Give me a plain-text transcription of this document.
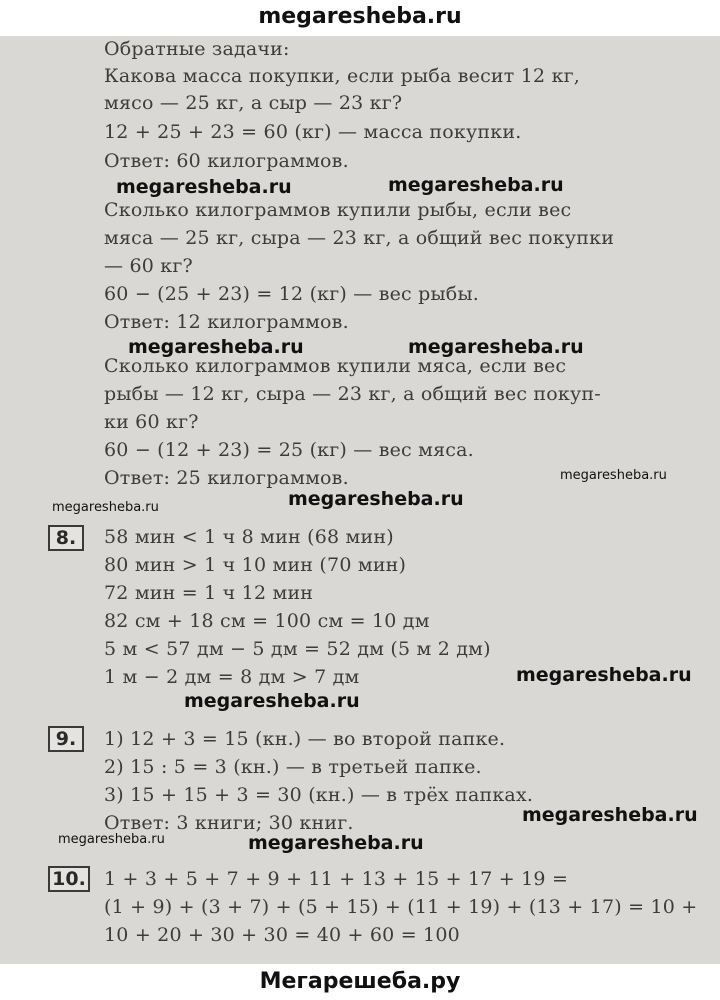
megaresheba.ru
Обратные задачи:
Какова масса покупки, если рыба весит 12 кг,
мясо — 25 кг, а сыр — 23 кг?
12 + 25 + 23 = 60 (кг) — масса покупки.
Ответ: 60 килограммов.
Сколько килограммов купили рыбы, если вес
мяса — 25 кг, сыра — 23 кг, а общий вес покупки
— 60 кг?
60 − (25 + 23) = 12 (кг) — вес рыбы.
Ответ: 12 килограммов.
Сколько килограммов купили мяса, если вес
рыбы — 12 кг, сыра — 23 кг, а общий вес покуп-
ки 60 кг?
60 − (12 + 23) = 25 (кг) — вес мяса.
Ответ: 25 килограммов.
8.	58 мин < 1 ч 8 мин (68 мин)
80 мин > 1 ч 10 мин (70 мин)
72 мин = 1 ч 12 мин
82 см + 18 см = 100 см = 10 дм
5 м < 57 дм − 5 дм = 52 дм (5 м 2 дм)
1 м − 2 дм = 8 дм > 7 дм
9.	1) 12 + 3 = 15 (кн.) — во второй папке.
2) 15 : 5 = 3 (кн.) — в третьей папке.
3) 15 + 15 + 3 = 30 (кн.) — в трёх папках.
Ответ: 3 книги; 30 книг.
10. 1 + 3 + 5 + 7 + 9 + 11 + 13 + 15 + 17 + 19 =
(1 + 9) + (3 + 7) + (5 + 15) + (11 + 19) + (13 + 17) = 10 +
10 + 20 + 30 + 30 = 40 + 60 = 100
megaresheba.ru	megaresheba.ru
megaresheba.ru	megaresheba.ru
megaresheba.ru
megaresheba.ru	megaresheba.ru
megaresheba.ru
megaresheba.ru
megaresheba.ru
megaresheba.ru	megaresheba.ru
Мегарешеба.ру
